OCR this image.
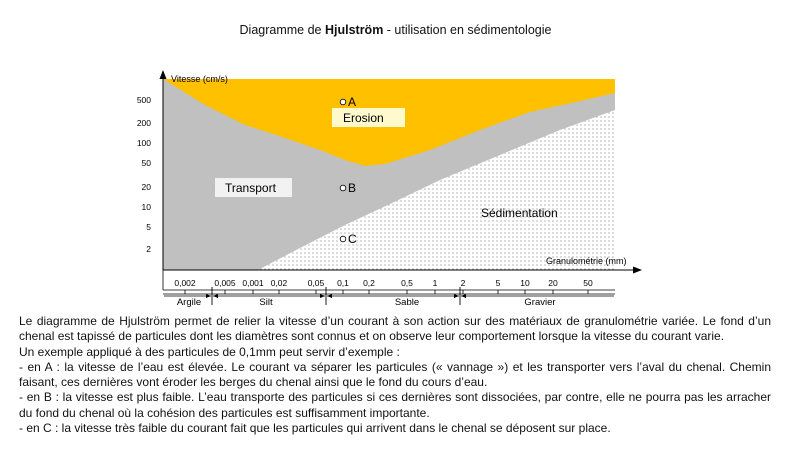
Diagramme de Hjulström - utilisation en sédimentologie
Vitesse (cm/s)
500
200
100
50
20
10
5
2
Granulométrie (mm)
0,002 0,005 0,001 0,02 0,05 0,1 0,2	0,5 1	2	5 10 20	50
Argile	Silt	Sable	Gravier
Erosion
Transport
Sédimentation
A
B
C

Le diagramme de Hjulström permet de relier la vitesse d’un courant à son action sur des matériaux de granulométrie variée. Le fond d’un chenal est tapissé de particules dont les diamètres sont connus et on observe leur comportement lorsque la vitesse du courant varie.

Un exemple appliqué à des particules de 0,1mm peut servir d’exemple :

- en A : la vitesse de l’eau est élevée. Le courant va séparer les particules (« vannage ») et les transporter vers l’aval du chenal. Chemin faisant, ces dernières vont éroder les berges du chenal ainsi que le fond du cours d’eau.

- en B : la vitesse est plus faible. L’eau transporte des particules si ces dernières sont dissociées, par contre, elle ne pourra pas les arracher du fond du chenal où la cohésion des particules est suffisamment importante.

- en C : la vitesse très faible du courant fait que les particules qui arrivent dans le chenal se déposent sur place.
